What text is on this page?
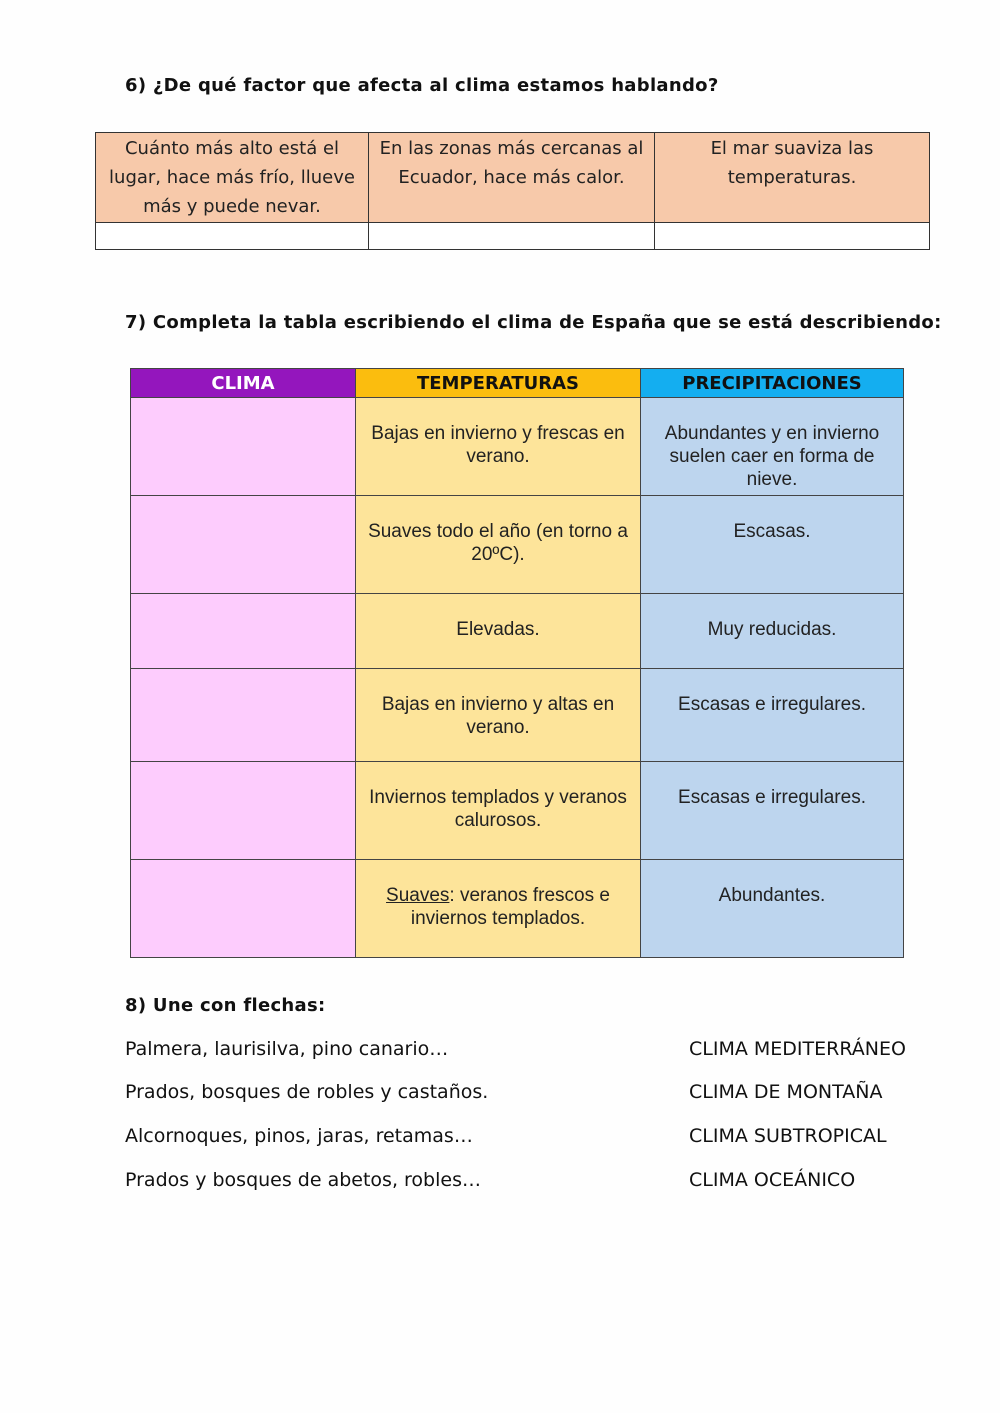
6) ¿De qué factor que afecta al clima estamos hablando?

Cuánto más alto está el lugar, hace más frío, llueve más y puede nevar.	En las zonas más cercanas al Ecuador, hace más calor.	El mar suaviza las temperaturas.

7) Completa la tabla escribiendo el clima de España que se está describiendo:

CLIMA	TEMPERATURAS	PRECIPITACIONES
	Bajas en invierno y frescas en verano.	Abundantes y en invierno suelen caer en forma de nieve.
	Suaves todo el año (en torno a 20ºC).	Escasas.
	Elevadas.	Muy reducidas.
	Bajas en invierno y altas en verano.	Escasas e irregulares.
	Inviernos templados y veranos calurosos.	Escasas e irregulares.
	Suaves: veranos frescos e inviernos templados.	Abundantes.

8) Une con flechas:

Palmera, laurisilva, pino canario…

Prados, bosques de robles y castaños.

Alcornoques, pinos, jaras, retamas…

Prados y bosques de abetos, robles…

CLIMA MEDITERRÁNEO

CLIMA DE MONTAÑA

CLIMA SUBTROPICAL

CLIMA OCEÁNICO
